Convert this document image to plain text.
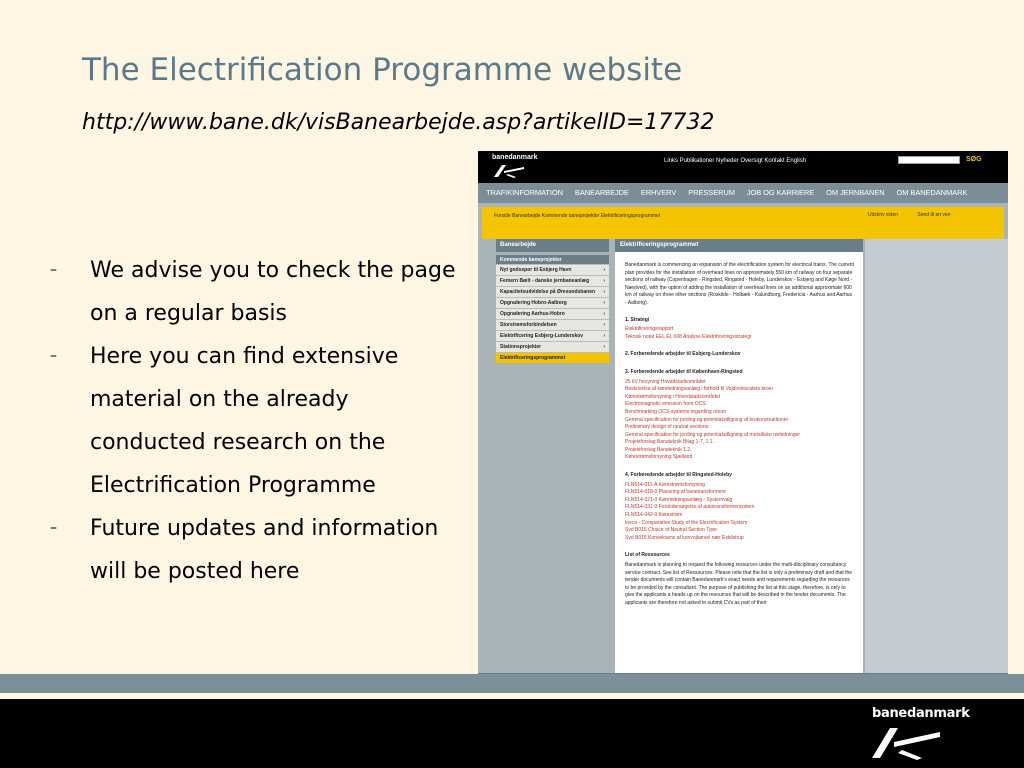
The Electrification Programme website
http://www.bane.dk/visBanearbejde.asp?artikelID=17732
– We advise you to check the page on a regular basis
– Here you can find extensive material on the already conducted research on the Electrification Programme
– Future updates and information will be posted here
banedanmark	Links Publikationer Nyheder Oversigt Kontakt English	SØG
TRAFIKINFORMATION BANEARBEJDE ERHVERV PRESSERUM JOB OG KARRIERE OM JERNBANEN OM BANEDANMARK
Forside Banearbejde Kommende baneprojekter Elektrificeringsprogrammet	Udskriv siden	Send til en ven
Banearbejde
Kommende baneprojekter
Nyt godsspor til Esbjerg Havn	›
Femern Bælt - danske jernbaneanlæg	›
Kapacitetsudvidelse på Øresundsbanen ›
Opgradering Hobro-Aalborg	›
Opgradering Aarhus-Hobro	›
Storstrømsforbindelsen	›
Elektrificering Esbjerg-Lunderskov	›
Stationsprojekter	›
Elektrificeringsprogrammet
Elektrificeringsprogrammet
Banedanmark is commencing an expansion of the electrification system for electrical trains. The current plan provides for the installation of overhead lines on approximately 550 km of railway on four separate sections of railway (Copenhagen - Ringsted, Ringsted - Holeby, Lunderskov - Esbjerg and Køge Nord - Næstved), with the option of adding the installation of overhead lines on an additional approximate 600 km of railway on three other sections (Roskilde - Holbæk - Kalundborg, Fredericia - Aarhus and Aarhus - Aalborg).
1. Strategi
Elektrificeringsrapport
Teknisk notat EEL EL 008 Analyse Elektrificeringsstrategi
2. Forberedende arbejder til Esbjerg-Lunderskov
3. Forberedende arbejder til København-Ringsted
25 kV forsyning Hovedstadsområdet
Beskrivelse af køreledningsanlæg i forhold til Vejdirektoratets broer
Kørestrømsforsyning i Hovedstadsområdet
Electromagnetic emission from OCS
Benchmarking OCS-systems regarding return
General specification for jording og potentialudligning af brokonstruktioner
Preliminary design of neutral sections
General specification for jording og potentialudligning af metalliske rørledninger
Projektforslag Banateknik Bilag 1-7, 1.1.
Projektforslag Banateknik 1.2.
Kørestrømsforsyning Sjælland
4. Forberedende arbejder til Ringsted-Holeby
FLN514-011-A Kørestrømsforsyning
FLN514-018-0 Placering af banetransformere
FLN514-021-0 Køreledningsanlæg - Systemvalg
FLN514-031-0 Forundersøgelse af autotransformersystem
FLN514-042-0 Kørestrøm
Ineco - Comparative Study of the Electrification System
Syd B015 Choice of Neutral Section Type
Syd B016 Konsekvens af konvojkørsel nær Eskilstrup
List of Ressources
Banedanmark is planning to request the following resources under the multi-disciplinary consultancy service contract. See list of Ressources. Please note that the list is only a preliminary draft and that the tender documents will contain Banedanmark's exact needs and requirements regarding the resources to be provided by the consultant. The purpose of publishing the list at this stage, therefore, is only to give the applicants a heads up on the resources that will be described in the tender documents. The applicants are therefore not asked to submit CVs as part of their
banedanmark
